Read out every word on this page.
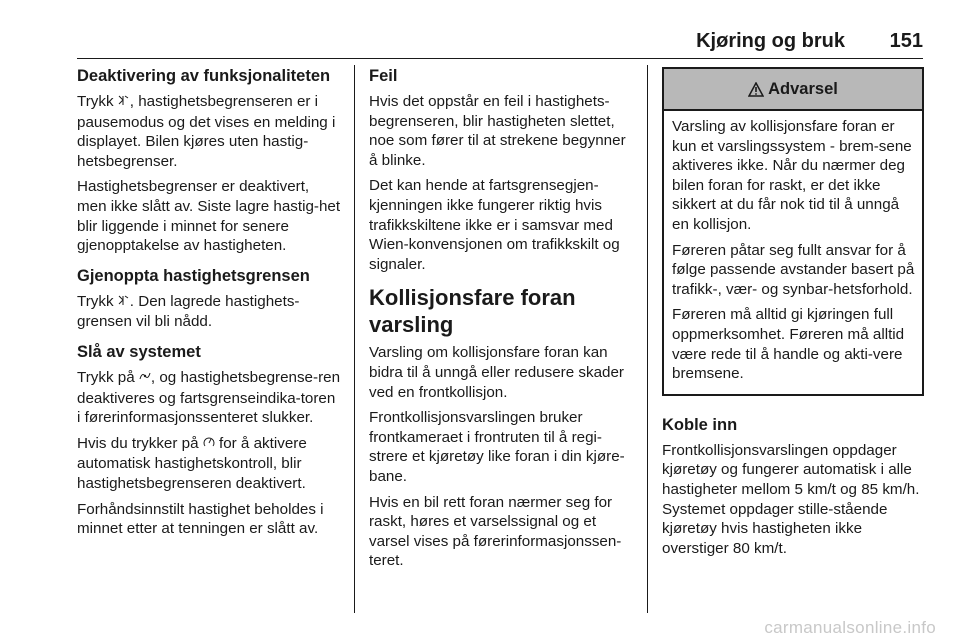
Kjøring og bruk 151
Deaktivering av funksjonaliteten

Trykk , hastighetsbegrenseren er i pausemodus og det vises en melding i displayet. Bilen kjøres uten hastig-hetsbegrenser.

Hastighetsbegrenser er deaktivert, men ikke slått av. Siste lagre hastig-het blir liggende i minnet for senere gjenopptakelse av hastigheten.

Gjenoppta hastighetsgrensen

Trykk . Den lagrede hastighets-grensen vil bli nådd.

Slå av systemet

Trykk på , og hastighetsbegrense-ren deaktiveres og fartsgrenseindika-toren i førerinformasjonssenteret slukker.

Hvis du trykker på  for å aktivere automatisk hastighetskontroll, blir hastighetsbegrenseren deaktivert.

Forhåndsinnstilt hastighet beholdes i minnet etter at tenningen er slått av.

Feil

Hvis det oppstår en feil i hastighets-begrenseren, blir hastigheten slettet, noe som fører til at strekene begynner å blinke.

Det kan hende at fartsgrensegjen-kjenningen ikke fungerer riktig hvis trafikkskiltene ikke er i samsvar med Wien-konvensjonen om trafikkskilt og signaler.

Kollisjonsfare foran varsling

Varsling om kollisjonsfare foran kan bidra til å unngå eller redusere skader ved en frontkollisjon.

Frontkollisjonsvarslingen bruker frontkameraet i frontruten til å regi-strere et kjøretøy like foran i din kjøre-bane.

Hvis en bil rett foran nærmer seg for raskt, høres et varselssignal og et varsel vises på førerinformasjonssen-teret.

Advarsel

Varsling av kollisjonsfare foran er kun et varslingssystem - brem-sene aktiveres ikke. Når du nærmer deg bilen foran for raskt, er det ikke sikkert at du får nok tid til å unngå en kollisjon.

Føreren påtar seg fullt ansvar for å følge passende avstander basert på trafikk-, vær- og synbar-hetsforhold.

Føreren må alltid gi kjøringen full oppmerksomhet. Føreren må alltid være rede til å handle og akti-vere bremsene.

Koble inn

Frontkollisjonsvarslingen oppdager kjøretøy og fungerer automatisk i alle hastigheter mellom 5 km/t og 85 km/h. Systemet oppdager stille-stående kjøretøy hvis hastigheten ikke overstiger 80 km/t.

carmanualsonline.info
